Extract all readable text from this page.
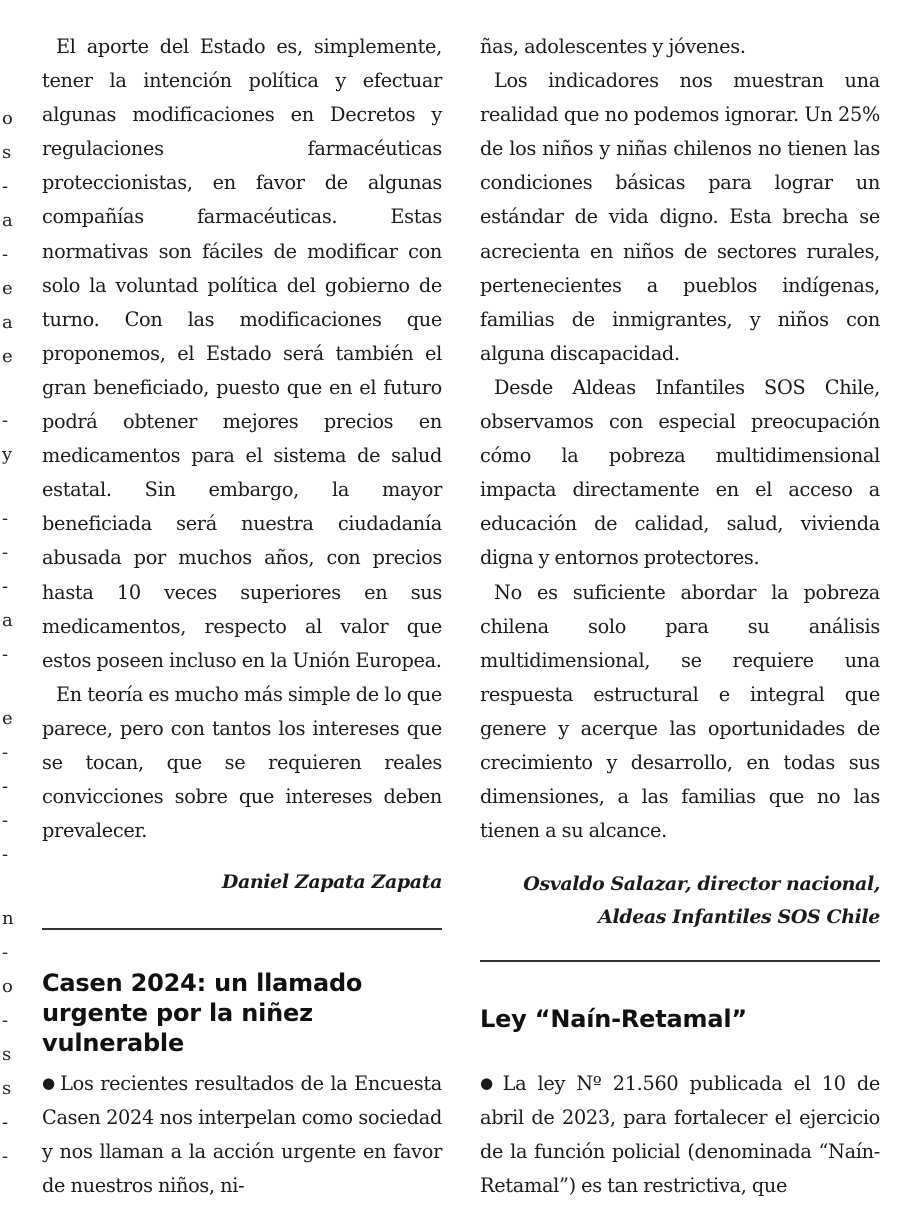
o
s
-
a
-
e
a
e
-
y
-
-
-
a
-
e
-
-
-
-
n
-
o
-
s
s
-
-

El aporte del Estado es, simplemente, tener la intención política y efectuar algunas modificaciones en Decretos y regulaciones farmacéuticas proteccionistas, en favor de algunas compañías farmacéuticas. Estas normativas son fáciles de modificar con solo la voluntad política del gobierno de turno. Con las modificaciones que proponemos, el Estado será también el gran beneficiado, puesto que en el futuro podrá obtener mejores precios en medicamentos para el sistema de salud estatal. Sin embargo, la mayor beneficiada será nuestra ciudadanía abusada por muchos años, con precios hasta 10 veces superiores en sus medicamentos, respecto al valor que estos poseen incluso en la Unión Europea.

En teoría es mucho más simple de lo que parece, pero con tantos los intereses que se tocan, que se requieren reales convicciones sobre que intereses deben prevalecer.

Daniel Zapata Zapata

Casen 2024: un llamado urgente por la niñez vulnerable

● Los recientes resultados de la Encuesta Casen 2024 nos interpelan como sociedad y nos llaman a la acción urgente en favor de nuestros niños, ni-

ñas, adolescentes y jóvenes.

Los indicadores nos muestran una realidad que no podemos ignorar. Un 25% de los niños y niñas chilenos no tienen las condiciones básicas para lograr un estándar de vida digno. Esta brecha se acrecienta en niños de sectores rurales, pertenecientes a pueblos indígenas, familias de inmigrantes, y niños con alguna discapacidad.

Desde Aldeas Infantiles SOS Chile, observamos con especial preocupación cómo la pobreza multidimensional impacta directamente en el acceso a educación de calidad, salud, vivienda digna y entornos protectores.

No es suficiente abordar la pobreza chilena solo para su análisis multidimensional, se requiere una respuesta estructural e integral que genere y acerque las oportunidades de crecimiento y desarrollo, en todas sus dimensiones, a las familias que no las tienen a su alcance.

Osvaldo Salazar, director nacional,

Aldeas Infantiles SOS Chile

Ley “Naín-Retamal”

● La ley Nº 21.560 publicada el 10 de abril de 2023, para fortalecer el ejercicio de la función policial (denominada “Naín-Retamal”) es tan restrictiva, que
